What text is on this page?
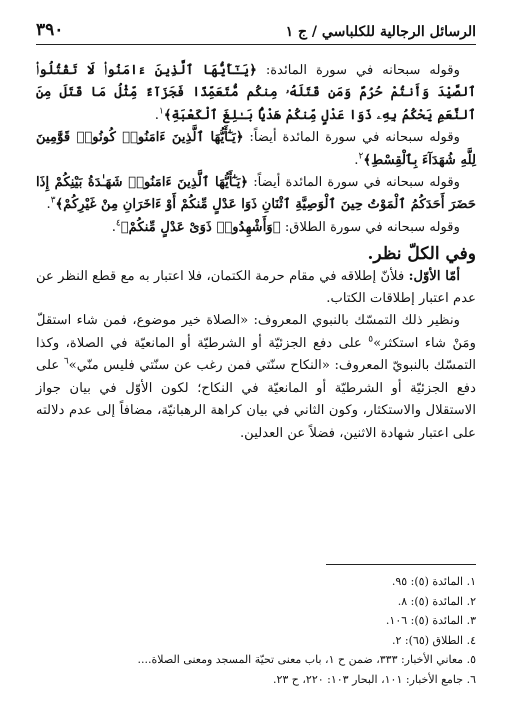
الرسائل الرجالية للكلباسي / ج ١
٣٩٠

وقوله سبحانه في سورة المائدة: ﴿يَـٰٓأَيُّهَا ٱلَّذِينَ ءَامَنُوا۟ لَا تَقْتُلُوا۟ ٱلصَّيْدَ وَأَنتُمْ حُرُمٌ وَمَن قَتَلَهُۥ مِنكُم مُّتَعَمِّدًا فَجَزَآءٌ مِّثْلُ مَا قَتَلَ مِنَ ٱلنَّعَمِ يَحْكُمُ بِهِۦ ذَوَا عَدْلٍ مِّنكُمْ هَدْيًۢا بَـٰلِغَ ٱلْكَعْبَةِ﴾$^١$.

وقوله سبحانه في سورة المائدة أيضاً: ﴿يَـٰٓأَيُّهَا ٱلَّذِينَ ءَامَنُوا۟ كُونُوا۟ قَوَّٰمِينَ لِلَّهِ شُهَدَآءَ بِٱلْقِسْطِ﴾$^٢$.

وقوله سبحانه في سورة المائدة أيضاً: ﴿يَـٰٓأَيُّهَا ٱلَّذِينَ ءَامَنُوا۟ شَهَـٰدَةُ بَيْنِكُمْ إِذَا حَضَرَ أَحَدَكُمُ ٱلْمَوْتُ حِينَ ٱلْوَصِيَّةِ ٱثْنَانِ ذَوَا عَدْلٍ مِّنكُمْ أَوْ ءَاخَرَانِ مِنْ غَيْرِكُمْ﴾$^٣$.

وقوله سبحانه في سورة الطلاق: ﴿وَأَشْهِدُوا۟ ذَوَىْ عَدْلٍ مِّنكُمْ﴾$^٤$.

وفي الكلّ نظر.

أمّا الأوّل: فلأنّ إطلاقه في مقام حرمة الكتمان، فلا اعتبار به مع قطع النظر عن عدم اعتبار إطلاقات الكتاب.

ونظير ذلك التمسّك بالنبوي المعروف: «الصلاة خير موضوع، فمن شاء استقلّ ومَنْ شاء استكثر»$^٥$ على دفع الجزئيّة أو الشرطيّة أو المانعيّة في الصلاة، وكذا التمسّك بالنبويّ المعروف: «النكاح سنّتي فمن رغب عن سنّتي فليس منّي»$^٦$ على دفع الجزئيّة أو الشرطيّة أو المانعيّة في النكاح؛ لكون الأوّل في بيان جواز الاستقلال والاستكثار، وكون الثاني في بيان كراهة الرهبانيّة، مضافاً إلى عدم دلالته على اعتبار شهادة الاثنين، فضلاً عن العدلين.

١. المائدة (٥): ٩٥.
٢. المائدة (٥): ٨.
٣. المائدة (٥): ١٠٦.
٤. الطلاق (٦٥): ٢.
٥. معاني الأخبار: ٣٣٣، ضمن ح ١، باب معنى تحيّة المسجد ومعنى الصلاة....
٦. جامع الأخبار: ١٠١، البحار ١٠٣: ٢٢٠، ح ٢٣.
